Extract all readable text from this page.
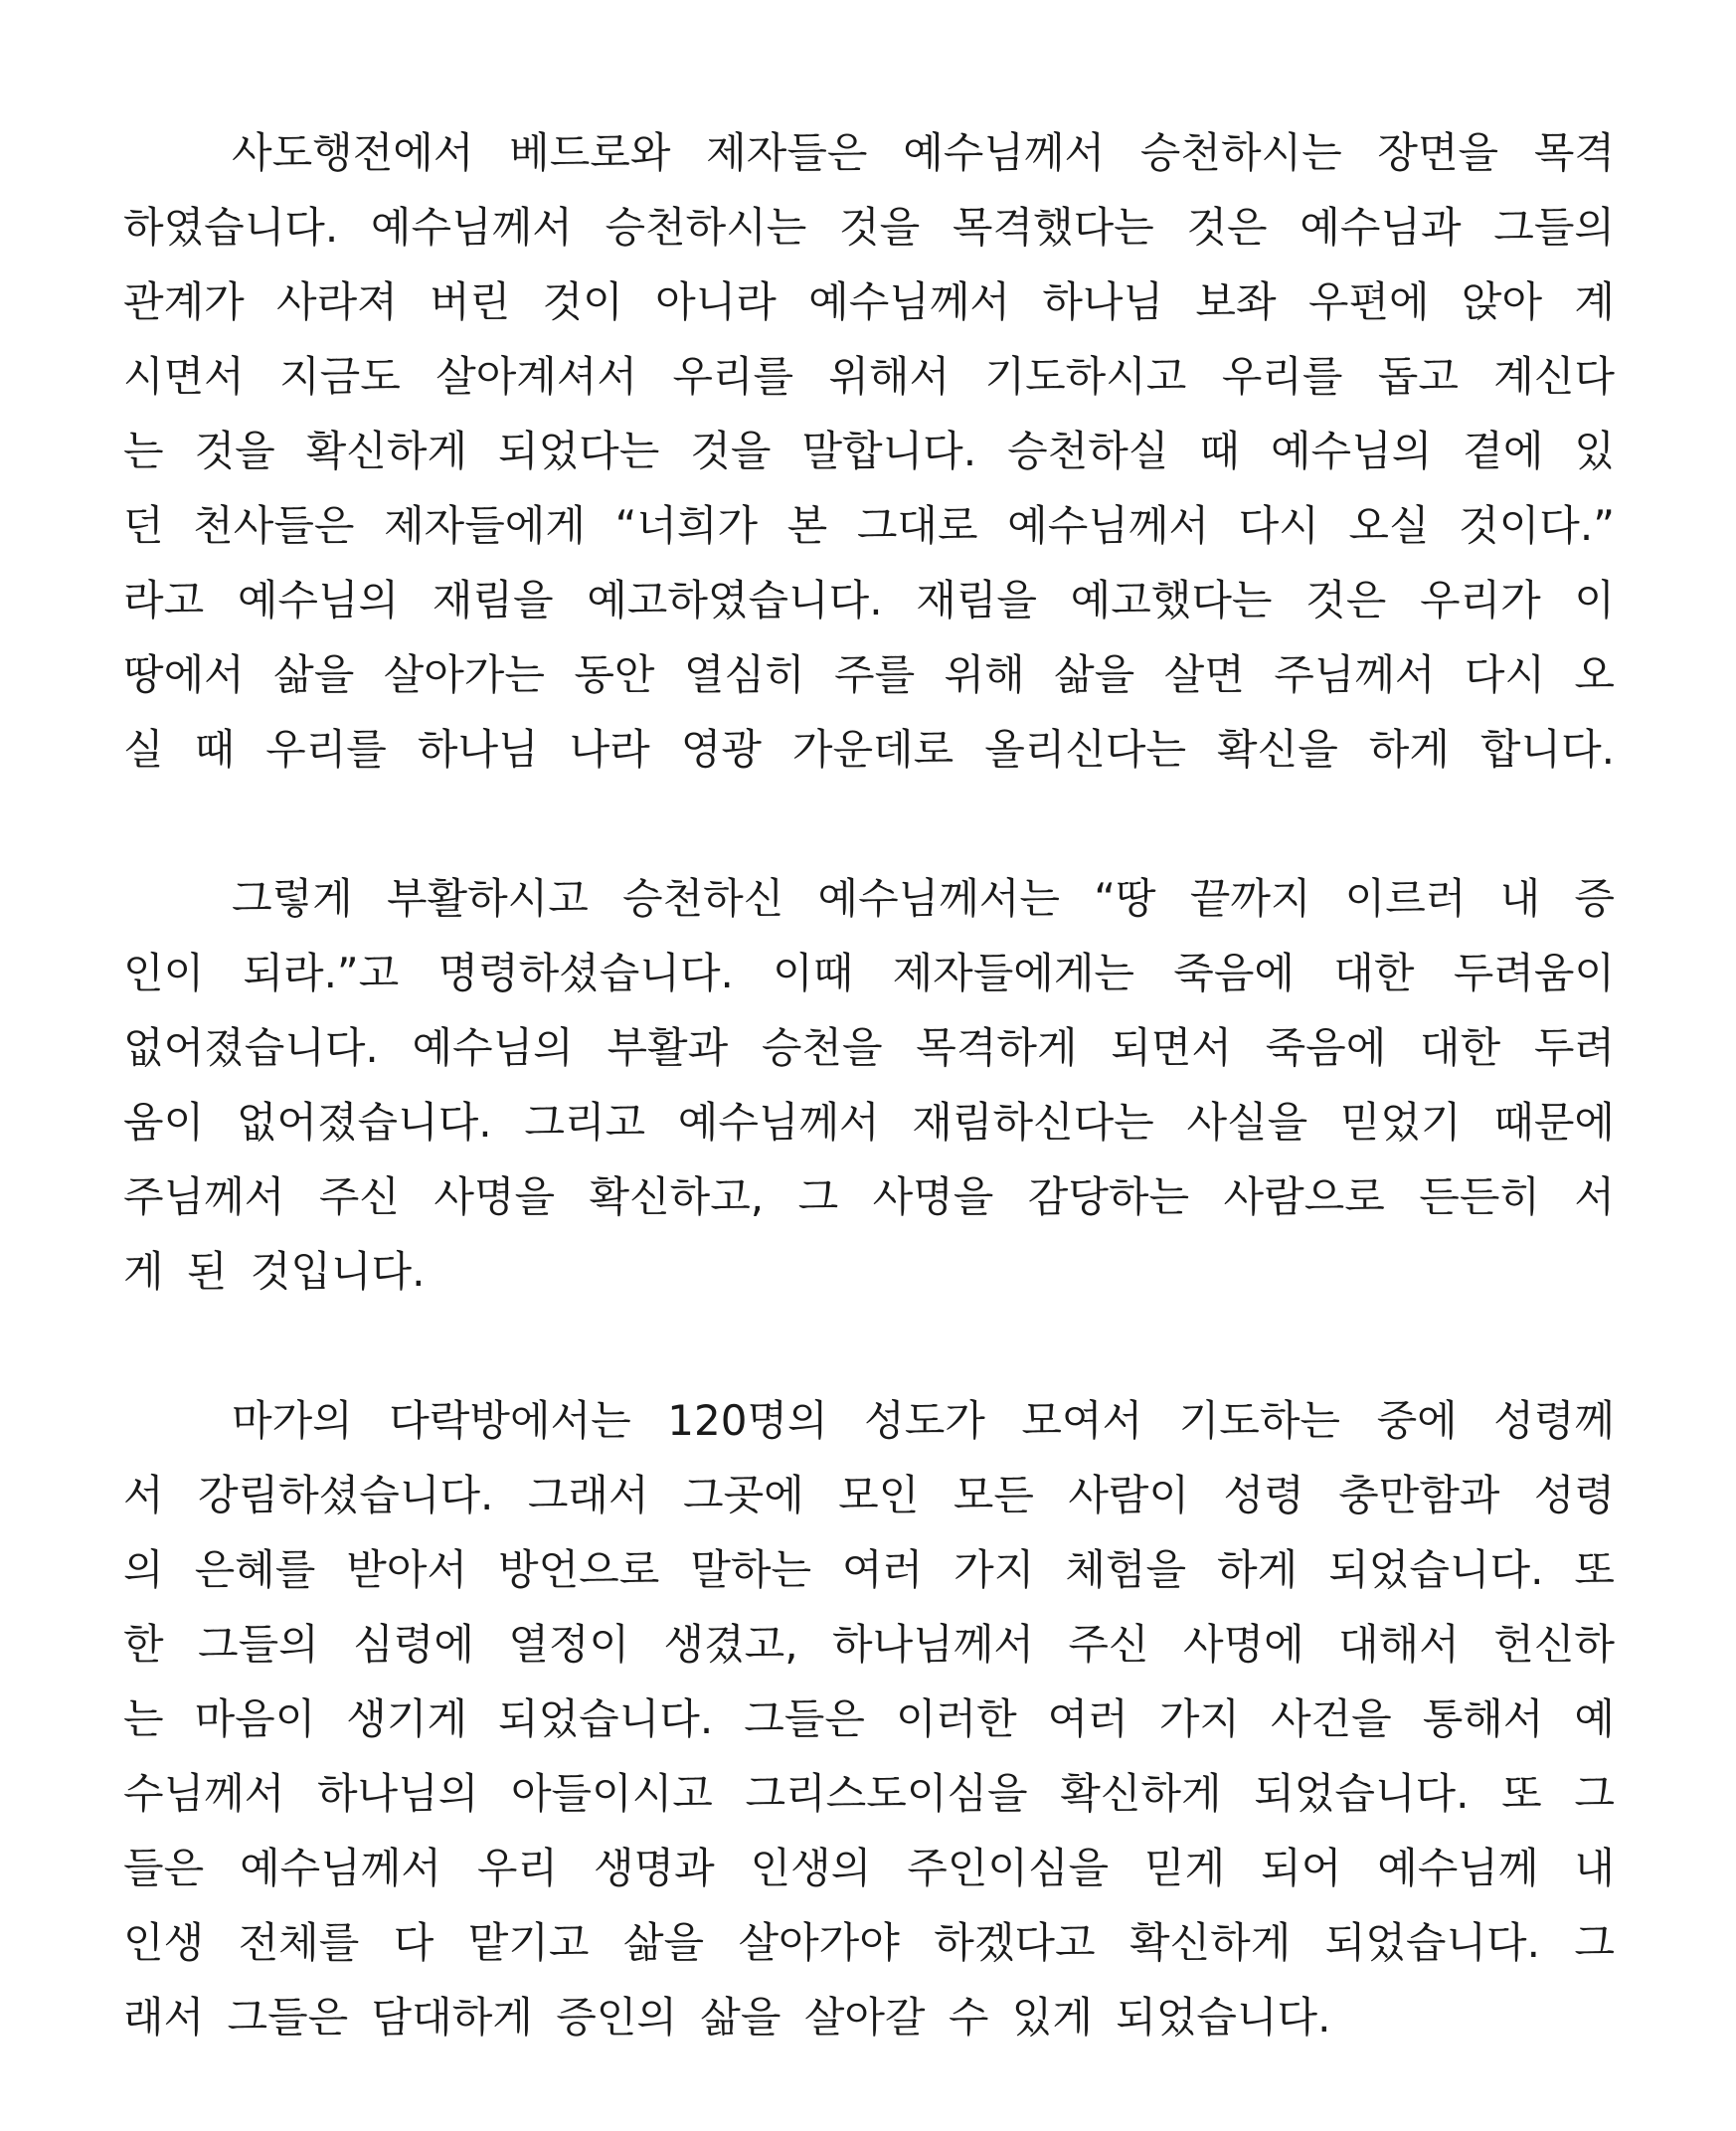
사도행전에서 베드로와 제자들은 예수님께서 승천하시는 장면을 목격
하였습니다. 예수님께서 승천하시는 것을 목격했다는 것은 예수님과 그들의
관계가 사라져 버린 것이 아니라 예수님께서 하나님 보좌 우편에 앉아 계
시면서 지금도 살아계셔서 우리를 위해서 기도하시고 우리를 돕고 계신다
는 것을 확신하게 되었다는 것을 말합니다. 승천하실 때 예수님의 곁에 있
던 천사들은 제자들에게 “너희가 본 그대로 예수님께서 다시 오실 것이다.”
라고 예수님의 재림을 예고하였습니다. 재림을 예고했다는 것은 우리가 이
땅에서 삶을 살아가는 동안 열심히 주를 위해 삶을 살면 주님께서 다시 오
실 때 우리를 하나님 나라 영광 가운데로 올리신다는 확신을 하게 합니다.
그렇게 부활하시고 승천하신 예수님께서는 “땅 끝까지 이르러 내 증
인이 되라.”고 명령하셨습니다. 이때 제자들에게는 죽음에 대한 두려움이
없어졌습니다. 예수님의 부활과 승천을 목격하게 되면서 죽음에 대한 두려
움이 없어졌습니다. 그리고 예수님께서 재림하신다는 사실을 믿었기 때문에
주님께서 주신 사명을 확신하고, 그 사명을 감당하는 사람으로 든든히 서
게 된 것입니다.
마가의 다락방에서는 120명의 성도가 모여서 기도하는 중에 성령께
서 강림하셨습니다. 그래서 그곳에 모인 모든 사람이 성령 충만함과 성령
의 은혜를 받아서 방언으로 말하는 여러 가지 체험을 하게 되었습니다. 또
한 그들의 심령에 열정이 생겼고, 하나님께서 주신 사명에 대해서 헌신하
는 마음이 생기게 되었습니다. 그들은 이러한 여러 가지 사건을 통해서 예
수님께서 하나님의 아들이시고 그리스도이심을 확신하게 되었습니다. 또 그
들은 예수님께서 우리 생명과 인생의 주인이심을 믿게 되어 예수님께 내
인생 전체를 다 맡기고 삶을 살아가야 하겠다고 확신하게 되었습니다. 그
래서 그들은 담대하게 증인의 삶을 살아갈 수 있게 되었습니다.
